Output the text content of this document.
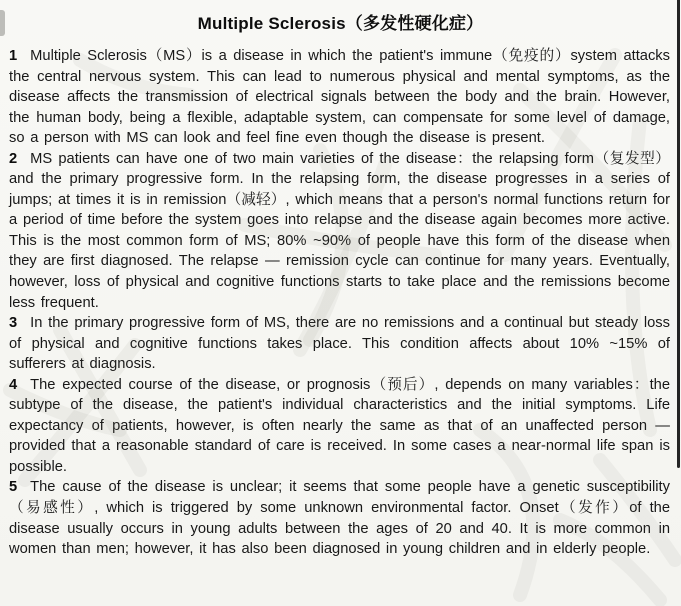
Multiple Sclerosis（多发性硬化症）

1 Multiple Sclerosis（MS）is a disease in which the patient's immune（免疫的）system attacks the central nervous system. This can lead to numerous physical and mental symptoms, as the disease affects the transmission of electrical signals between the body and the brain. However, the human body, being a flexible, adaptable system, can compensate for some level of damage, so a person with MS can look and feel fine even though the disease is present.

2 MS patients can have one of two main varieties of the disease：the relapsing form（复发型）and the primary progressive form. In the relapsing form, the disease progresses in a series of jumps; at times it is in remission（减轻）, which means that a person's normal functions return for a period of time before the system goes into relapse and the disease again becomes more active. This is the most common form of MS; 80% ~90% of people have this form of the disease when they are first diagnosed. The relapse — remission cycle can continue for many years. Eventually, however, loss of physical and cognitive functions starts to take place and the remissions become less frequent.

3 In the primary progressive form of MS, there are no remissions and a continual but steady loss of physical and cognitive functions takes place. This condition affects about 10% ~15% of sufferers at diagnosis.

4 The expected course of the disease, or prognosis（预后）, depends on many variables：the subtype of the disease, the patient's individual characteristics and the initial symptoms. Life expectancy of patients, however, is often nearly the same as that of an unaffected person — provided that a reasonable standard of care is received. In some cases a near-normal life span is possible.

5 The cause of the disease is unclear; it seems that some people have a genetic susceptibility（易感性）, which is triggered by some unknown environmental factor. Onset（发作）of the disease usually occurs in young adults between the ages of 20 and 40. It is more common in women than men; however, it has also been diagnosed in young children and in elderly people.
